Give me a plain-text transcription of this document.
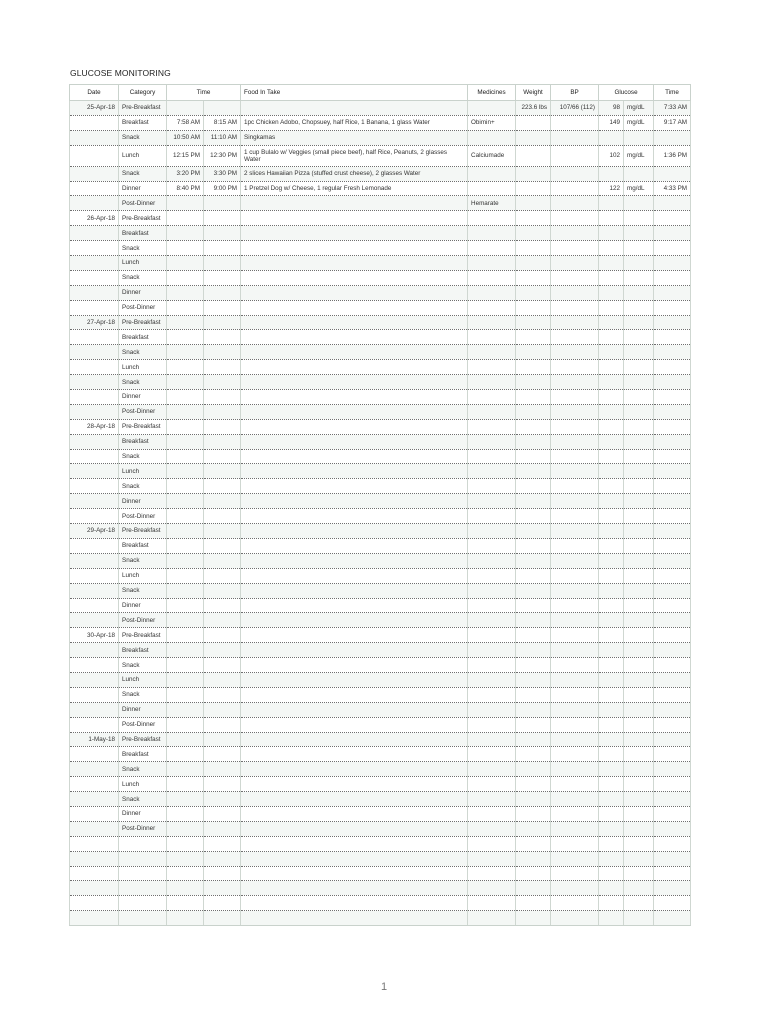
GLUCOSE MONITORING
Date	Category	Time		Food In Take	Medicines	Weight	BP	Glucose		Time
25-Apr-18	Pre-Breakfast					223.6 lbs	107/66 (112)	98	mg/dL	7:33 AM
	Breakfast	7:58 AM	8:15 AM	1pc Chicken Adobo, Chopsuey, half Rice, 1 Banana, 1 glass Water	Obimin+			149	mg/dL	9:17 AM
	Snack	10:50 AM	11:10 AM	Singkamas						
	Lunch	12:15 PM	12:30 PM	1 cup Bulalo w/ Veggies (small piece beef), half Rice, Peanuts, 2 glasses Water	Calciumade			102	mg/dL	1:36 PM
	Snack	3:20 PM	3:30 PM	2 slices Hawaiian Pizza (stuffed crust cheese), 2 glasses Water						
	Dinner	8:40 PM	9:00 PM	1 Pretzel Dog w/ Cheese, 1 regular Fresh Lemonade				122	mg/dL	4:33 PM
	Post-Dinner				Hemarate					
26-Apr-18	Pre-Breakfast									
	Breakfast									
	Snack									
	Lunch									
	Snack									
	Dinner									
	Post-Dinner									
27-Apr-18	Pre-Breakfast									
	Breakfast									
	Snack									
	Lunch									
	Snack									
	Dinner									
	Post-Dinner									
28-Apr-18	Pre-Breakfast									
	Breakfast									
	Snack									
	Lunch									
	Snack									
	Dinner									
	Post-Dinner									
29-Apr-18	Pre-Breakfast									
	Breakfast									
	Snack									
	Lunch									
	Snack									
	Dinner									
	Post-Dinner									
30-Apr-18	Pre-Breakfast									
	Breakfast									
	Snack									
	Lunch									
	Snack									
	Dinner									
	Post-Dinner									
1-May-18	Pre-Breakfast									
	Breakfast									
	Snack									
	Lunch									
	Snack									
	Dinner									
	Post-Dinner									

1
